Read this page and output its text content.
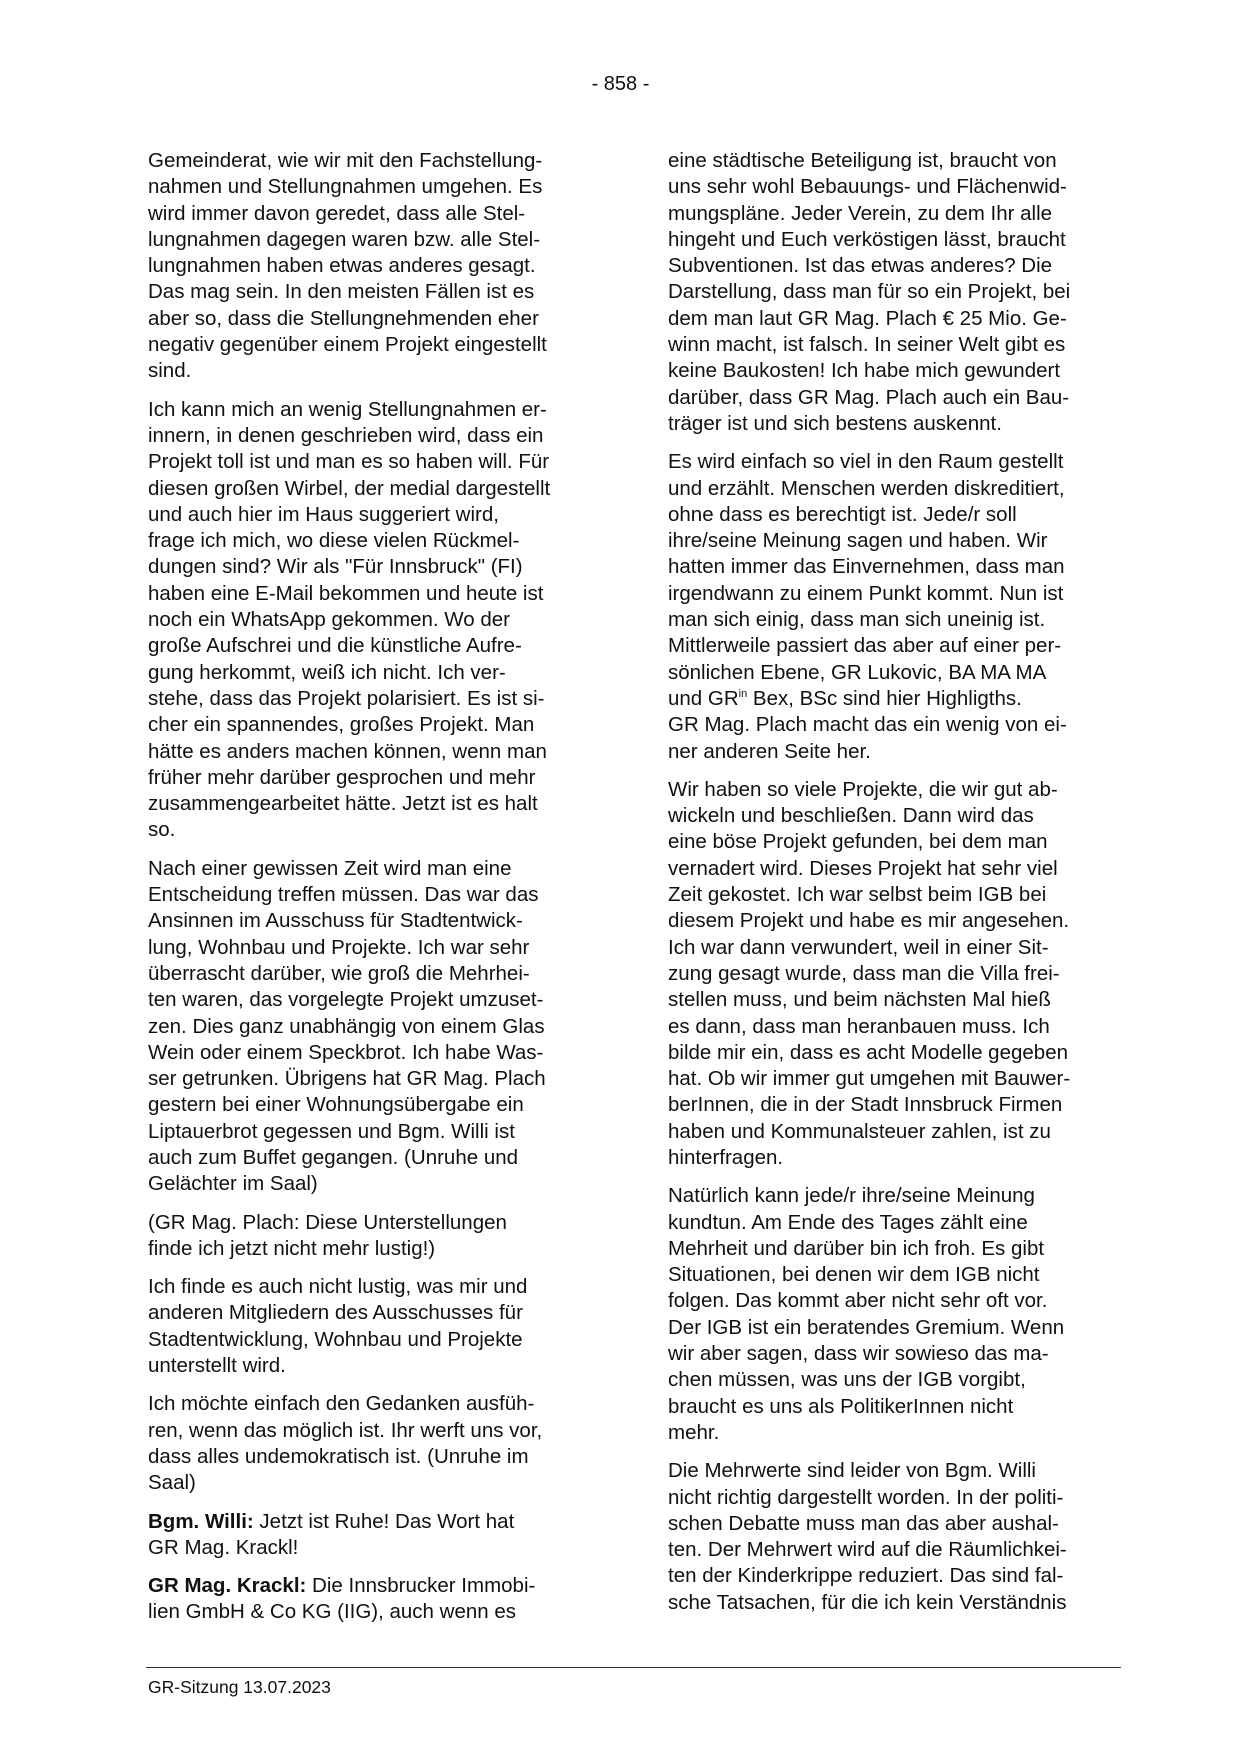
- 858 -

Gemeinderat, wie wir mit den Fachstellung-
nahmen und Stellungnahmen umgehen. Es
wird immer davon geredet, dass alle Stel-
lungnahmen dagegen waren bzw. alle Stel-
lungnahmen haben etwas anderes gesagt.
Das mag sein. In den meisten Fällen ist es
aber so, dass die Stellungnehmenden eher
negativ gegenüber einem Projekt eingestellt
sind.

Ich kann mich an wenig Stellungnahmen er-
innern, in denen geschrieben wird, dass ein
Projekt toll ist und man es so haben will. Für
diesen großen Wirbel, der medial dargestellt
und auch hier im Haus suggeriert wird,
frage ich mich, wo diese vielen Rückmel-
dungen sind? Wir als "Für Innsbruck" (FI)
haben eine E-Mail bekommen und heute ist
noch ein WhatsApp gekommen. Wo der
große Aufschrei und die künstliche Aufre-
gung herkommt, weiß ich nicht. Ich ver-
stehe, dass das Projekt polarisiert. Es ist si-
cher ein spannendes, großes Projekt. Man
hätte es anders machen können, wenn man
früher mehr darüber gesprochen und mehr
zusammengearbeitet hätte. Jetzt ist es halt
so.

Nach einer gewissen Zeit wird man eine
Entscheidung treffen müssen. Das war das
Ansinnen im Ausschuss für Stadtentwick-
lung, Wohnbau und Projekte. Ich war sehr
überrascht darüber, wie groß die Mehrhei-
ten waren, das vorgelegte Projekt umzuset-
zen. Dies ganz unabhängig von einem Glas
Wein oder einem Speckbrot. Ich habe Was-
ser getrunken. Übrigens hat GR Mag. Plach
gestern bei einer Wohnungsübergabe ein
Liptauerbrot gegessen und Bgm. Willi ist
auch zum Buffet gegangen. (Unruhe und
Gelächter im Saal)

(GR Mag. Plach: Diese Unterstellungen
finde ich jetzt nicht mehr lustig!)

Ich finde es auch nicht lustig, was mir und
anderen Mitgliedern des Ausschusses für
Stadtentwicklung, Wohnbau und Projekte
unterstellt wird.

Ich möchte einfach den Gedanken ausfüh-
ren, wenn das möglich ist. Ihr werft uns vor,
dass alles undemokratisch ist. (Unruhe im
Saal)

Bgm. Willi: Jetzt ist Ruhe! Das Wort hat
GR Mag. Krackl!

GR Mag. Krackl: Die Innsbrucker Immobi-
lien GmbH & Co KG (IIG), auch wenn es

eine städtische Beteiligung ist, braucht von
uns sehr wohl Bebauungs- und Flächenwid-
mungspläne. Jeder Verein, zu dem Ihr alle
hingeht und Euch verköstigen lässt, braucht
Subventionen. Ist das etwas anderes? Die
Darstellung, dass man für so ein Projekt, bei
dem man laut GR Mag. Plach € 25 Mio. Ge-
winn macht, ist falsch. In seiner Welt gibt es
keine Baukosten! Ich habe mich gewundert
darüber, dass GR Mag. Plach auch ein Bau-
träger ist und sich bestens auskennt.

Es wird einfach so viel in den Raum gestellt
und erzählt. Menschen werden diskreditiert,
ohne dass es berechtigt ist. Jede/r soll
ihre/seine Meinung sagen und haben. Wir
hatten immer das Einvernehmen, dass man
irgendwann zu einem Punkt kommt. Nun ist
man sich einig, dass man sich uneinig ist.
Mittlerweile passiert das aber auf einer per-
sönlichen Ebene, GR Lukovic, BA MA MA
und $GR^{in}$ Bex, BSc sind hier Highligths.
GR Mag. Plach macht das ein wenig von ei-
ner anderen Seite her.

Wir haben so viele Projekte, die wir gut ab-
wickeln und beschließen. Dann wird das
eine böse Projekt gefunden, bei dem man
vernadert wird. Dieses Projekt hat sehr viel
Zeit gekostet. Ich war selbst beim IGB bei
diesem Projekt und habe es mir angesehen.
Ich war dann verwundert, weil in einer Sit-
zung gesagt wurde, dass man die Villa frei-
stellen muss, und beim nächsten Mal hieß
es dann, dass man heranbauen muss. Ich
bilde mir ein, dass es acht Modelle gegeben
hat. Ob wir immer gut umgehen mit Bauwer-
berInnen, die in der Stadt Innsbruck Firmen
haben und Kommunalsteuer zahlen, ist zu
hinterfragen.

Natürlich kann jede/r ihre/seine Meinung
kundtun. Am Ende des Tages zählt eine
Mehrheit und darüber bin ich froh. Es gibt
Situationen, bei denen wir dem IGB nicht
folgen. Das kommt aber nicht sehr oft vor.
Der IGB ist ein beratendes Gremium. Wenn
wir aber sagen, dass wir sowieso das ma-
chen müssen, was uns der IGB vorgibt,
braucht es uns als PolitikerInnen nicht
mehr.

Die Mehrwerte sind leider von Bgm. Willi
nicht richtig dargestellt worden. In der politi-
schen Debatte muss man das aber aushal-
ten. Der Mehrwert wird auf die Räumlichkei-
ten der Kinderkrippe reduziert. Das sind fal-
sche Tatsachen, für die ich kein Verständnis

GR-Sitzung 13.07.2023
